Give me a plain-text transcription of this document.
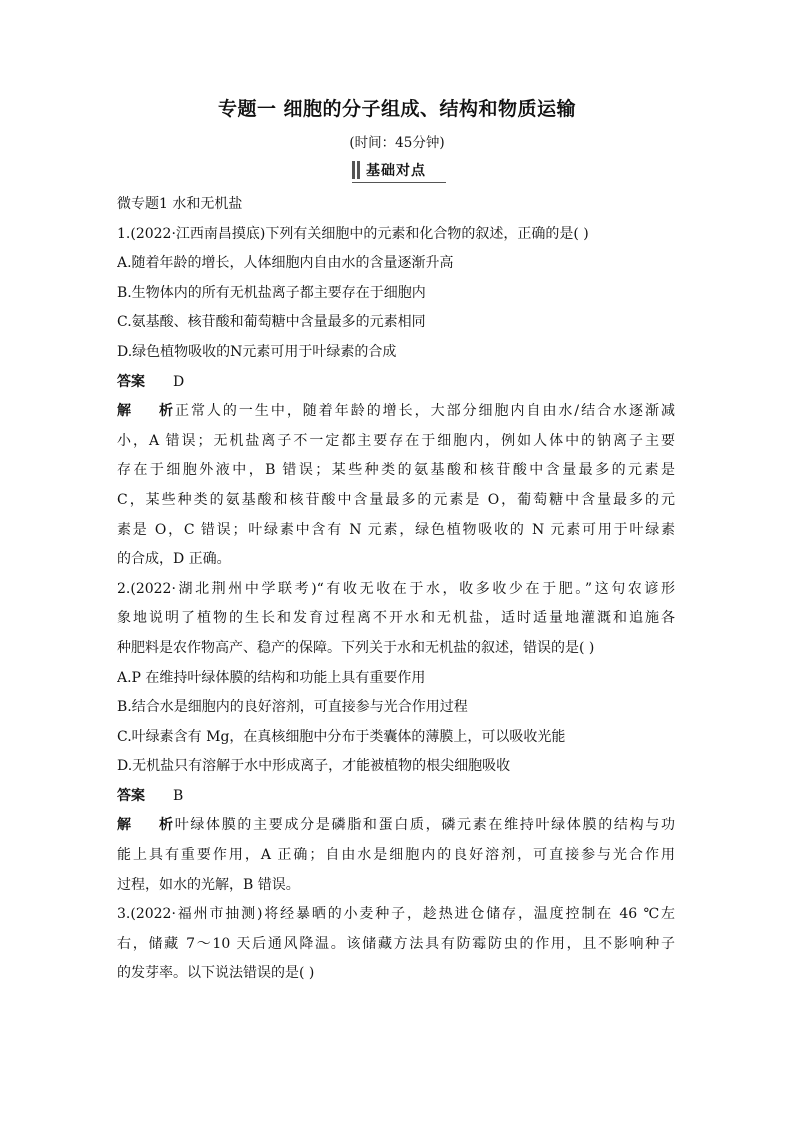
专题一 细胞的分子组成、结构和物质运输
(时间：45分钟)
基础对点
微专题1 水和无机盐
1.(2022·江西南昌摸底)下列有关细胞中的元素和化合物的叙述，正确的是( )
A.随着年龄的增长，人体细胞内自由水的含量逐渐升高
B.生物体内的所有无机盐离子都主要存在于细胞内
C.氨基酸、核苷酸和葡萄糖中含量最多的元素相同
D.绿色植物吸收的N元素可用于叶绿素的合成
答案 D
解析正常人的一生中，随着年龄的增长，大部分细胞内自由水/结合水逐渐减
小，A 错误；无机盐离子不一定都主要存在于细胞内，例如人体中的钠离子主要
存在于细胞外液中，B 错误；某些种类的氨基酸和核苷酸中含量最多的元素是
C，某些种类的氨基酸和核苷酸中含量最多的元素是 O，葡萄糖中含量最多的元
素是 O，C 错误；叶绿素中含有 N 元素，绿色植物吸收的 N 元素可用于叶绿素
的合成，D 正确。
2.(2022·湖北荆州中学联考)“有收无收在于水，收多收少在于肥。”这句农谚形
象地说明了植物的生长和发育过程离不开水和无机盐，适时适量地灌溉和追施各
种肥料是农作物高产、稳产的保障。下列关于水和无机盐的叙述，错误的是( )
A.P 在维持叶绿体膜的结构和功能上具有重要作用
B.结合水是细胞内的良好溶剂，可直接参与光合作用过程
C.叶绿素含有 Mg，在真核细胞中分布于类囊体的薄膜上，可以吸收光能
D.无机盐只有溶解于水中形成离子，才能被植物的根尖细胞吸收
答案 B
解析叶绿体膜的主要成分是磷脂和蛋白质，磷元素在维持叶绿体膜的结构与功
能上具有重要作用，A 正确；自由水是细胞内的良好溶剂，可直接参与光合作用
过程，如水的光解，B 错误。
3.(2022·福州市抽测)将经暴晒的小麦种子，趁热进仓储存，温度控制在 46 ℃左
右，储藏 7～10 天后通风降温。该储藏方法具有防霉防虫的作用，且不影响种子
的发芽率。以下说法错误的是( )
